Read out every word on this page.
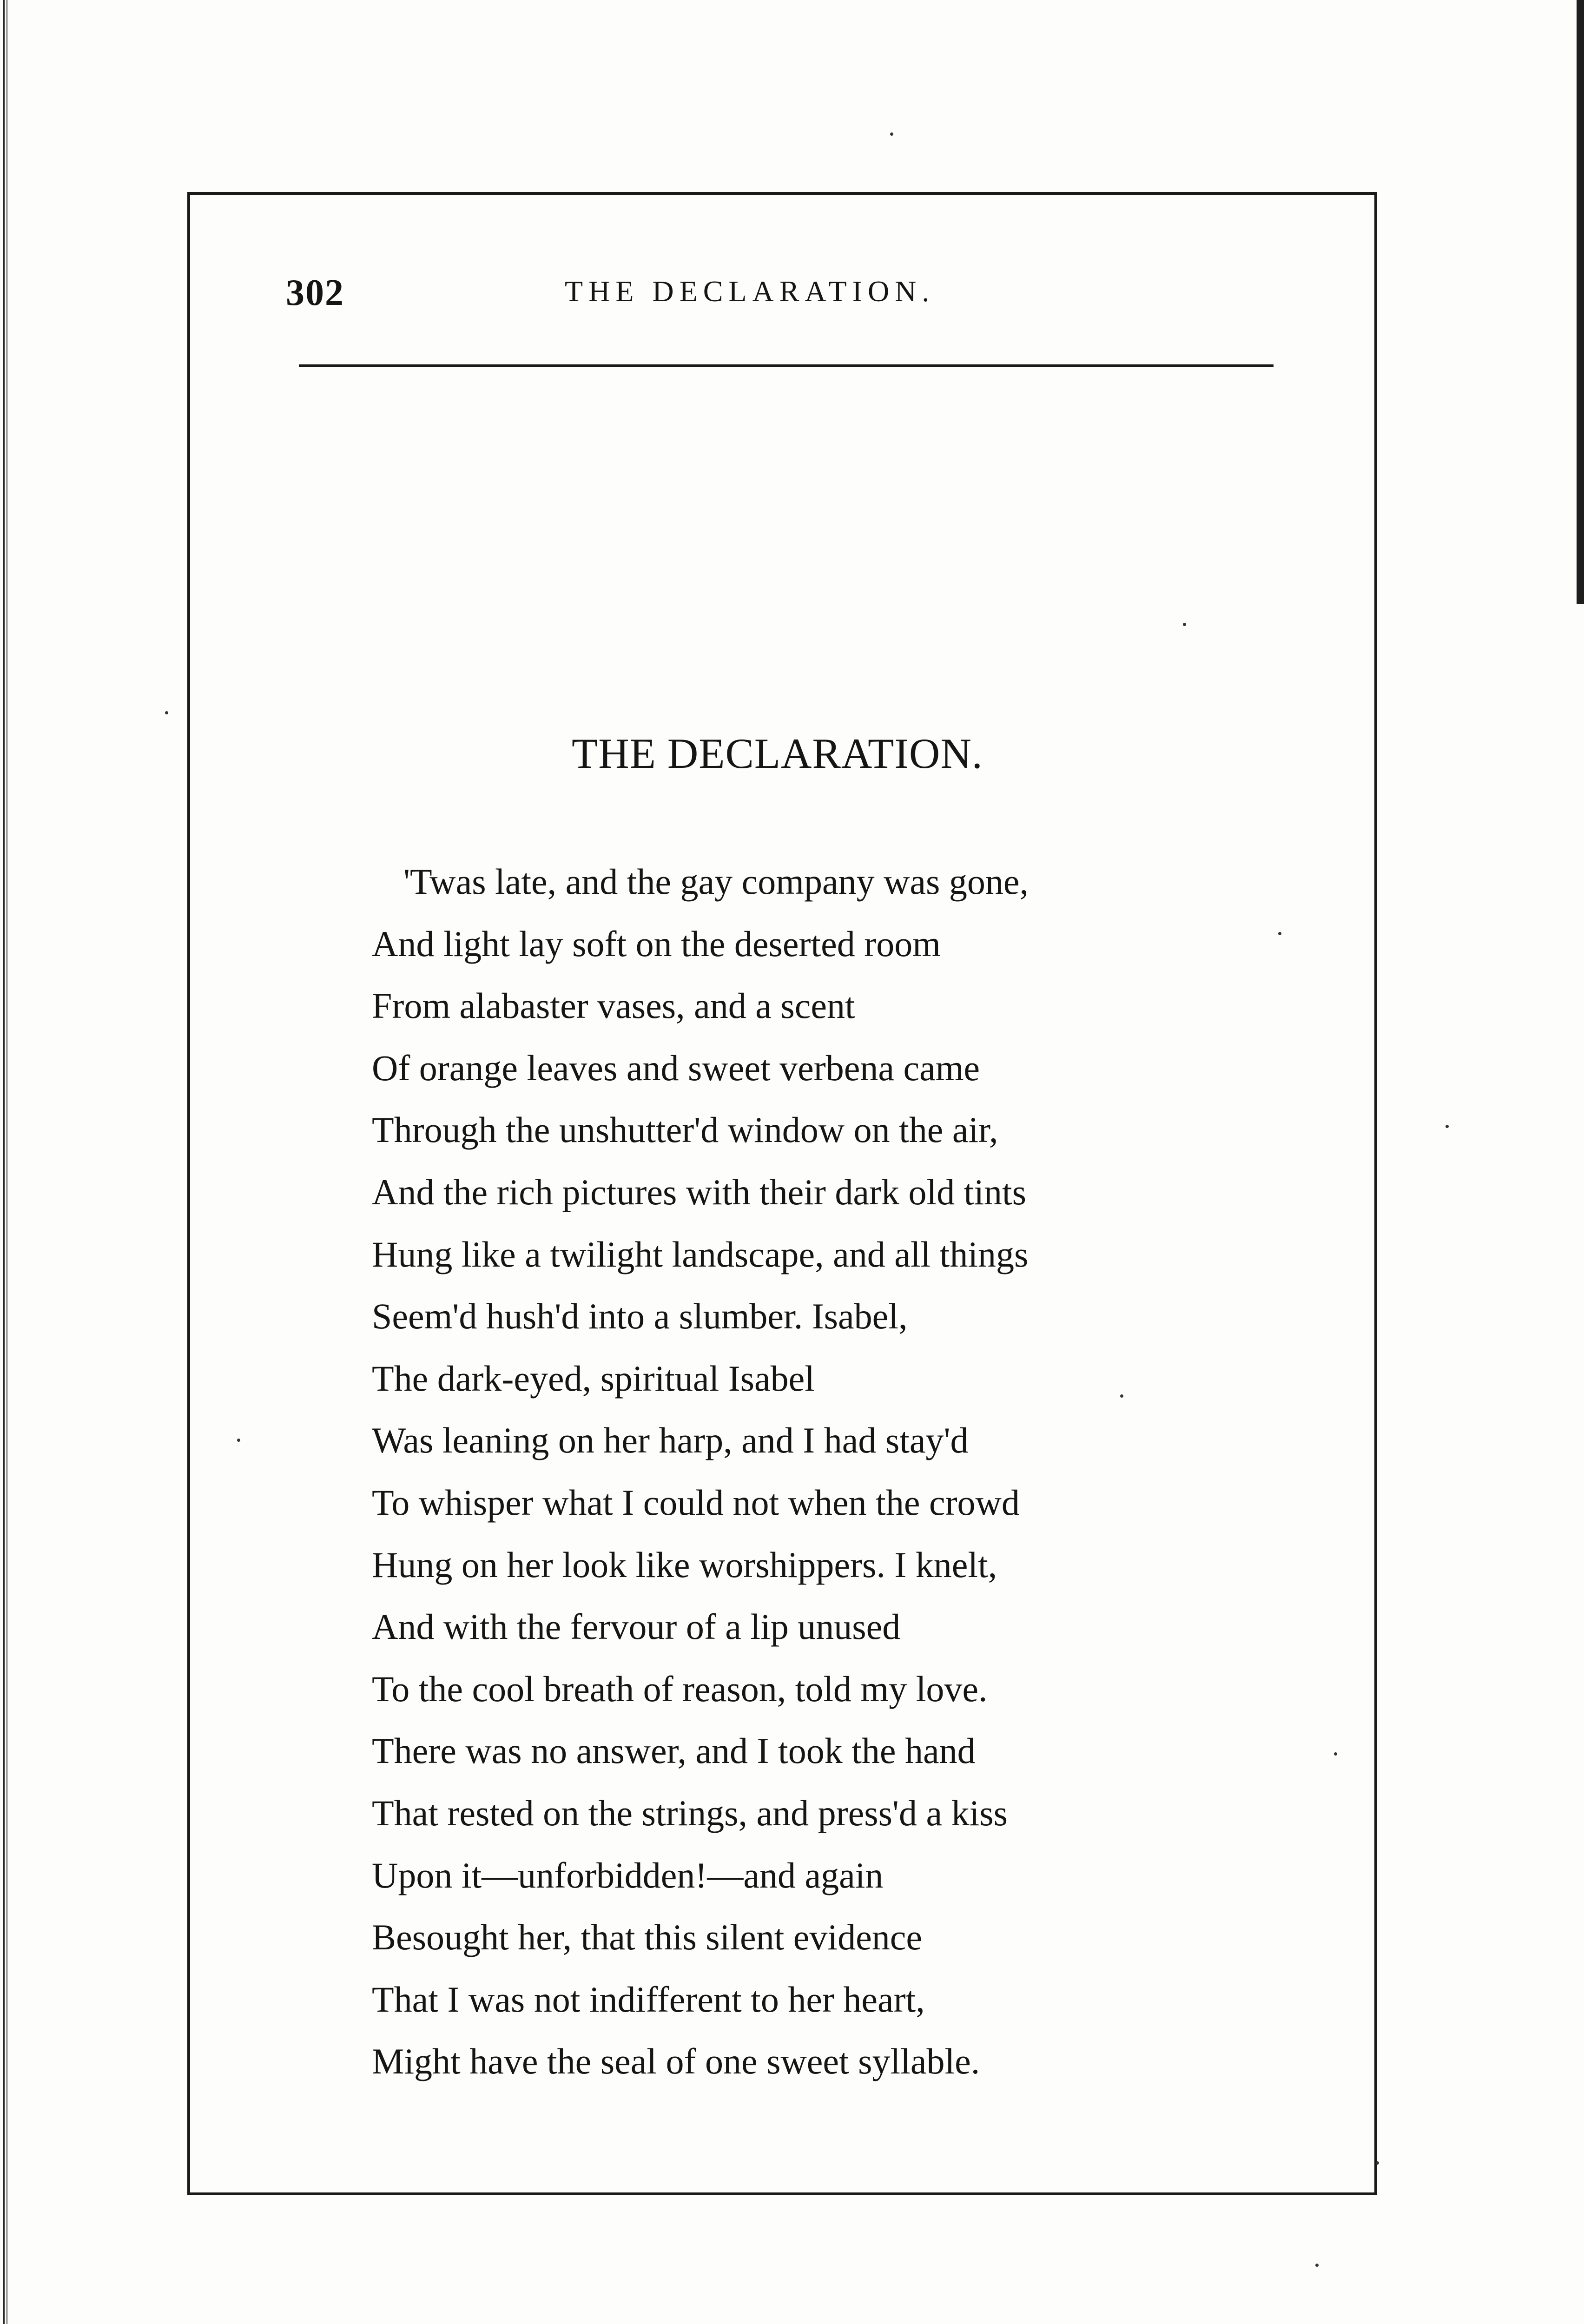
302	THE DECLARATION.
THE DECLARATION.
'Twas late, and the gay company was gone,
And light lay soft on the deserted room
From alabaster vases, and a scent
Of orange leaves and sweet verbena came
Through the unshutter'd window on the air,
And the rich pictures with their dark old tints
Hung like a twilight landscape, and all things
Seem'd hush'd into a slumber. Isabel,
The dark-eyed, spiritual Isabel
Was leaning on her harp, and I had stay'd
To whisper what I could not when the crowd
Hung on her look like worshippers. I knelt,
And with the fervour of a lip unused
To the cool breath of reason, told my love.
There was no answer, and I took the hand
That rested on the strings, and press'd a kiss
Upon it—unforbidden!—and again
Besought her, that this silent evidence
That I was not indifferent to her heart,
Might have the seal of one sweet syllable.
